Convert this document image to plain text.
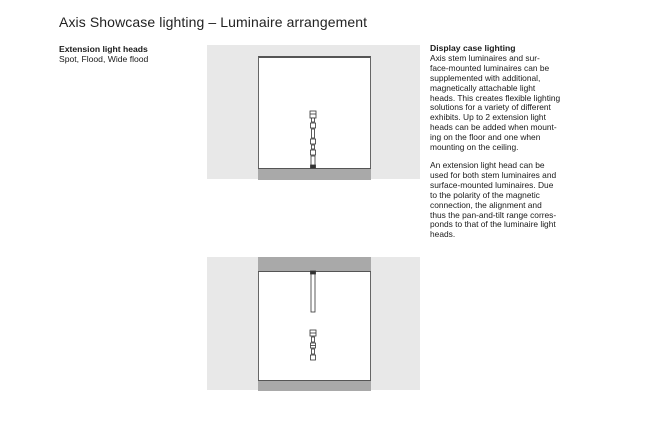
Axis Showcase lighting – Luminaire arrangement
Extension light heads
Spot, Flood, Wide flood
Display case lighting

Axis stem luminaires and sur-
face-mounted luminaires can be
supplemented with additional,
magnetically attachable light
heads. This creates flexible lighting
solutions for a variety of different
exhibits. Up to 2 extension light
heads can be added when mount-
ing on the floor and one when
mounting on the ceiling.

An extension light head can be
used for both stem luminaires and
surface-mounted luminaires. Due
to the polarity of the magnetic
connection, the alignment and
thus the pan-and-tilt range corres-
ponds to that of the luminaire light
heads.
